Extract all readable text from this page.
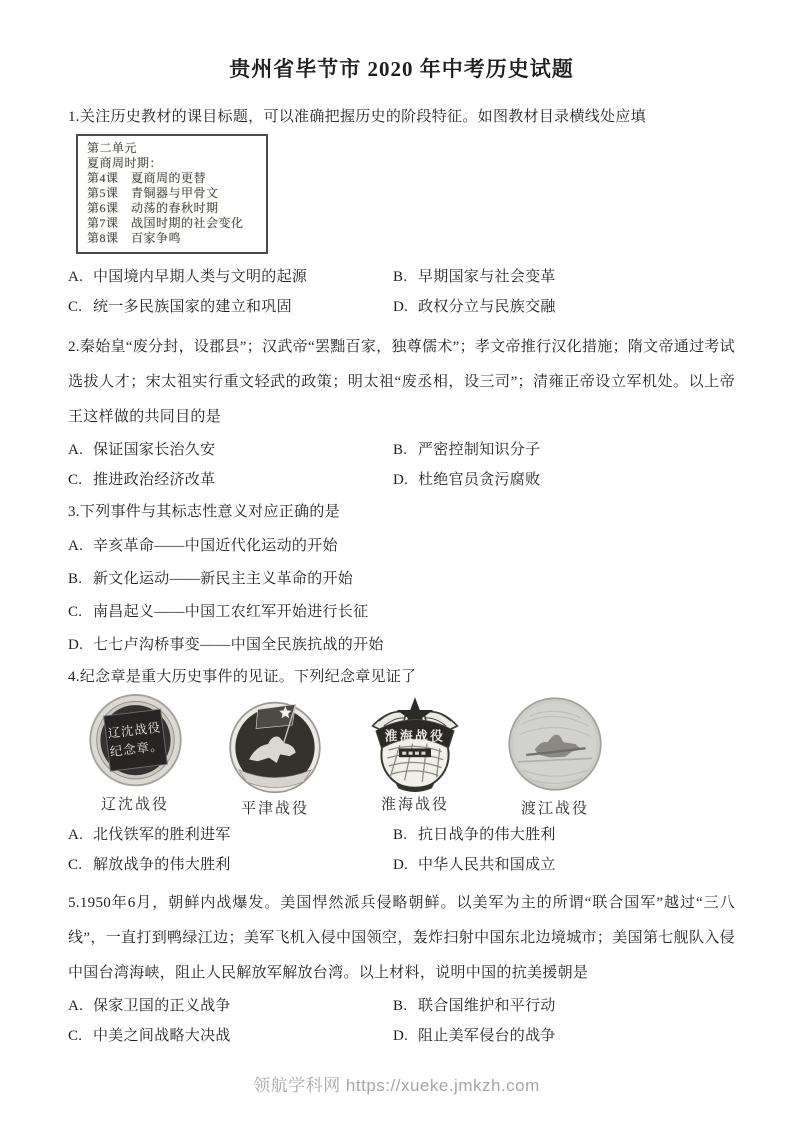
贵州省毕节市 2020 年中考历史试题

1.关注历史教材的课目标题，可以准确把握历史的阶段特征。如图教材目录横线处应填

第二单元
夏商周时期：
第4课　夏商周的更替
第5课　青铜器与甲骨文
第6课　动荡的春秋时期
第7课　战国时期的社会变化
第8课　百家争鸣
A. 中国境内早期人类与文明的起源	B. 早期国家与社会变革
C. 统一多民族国家的建立和巩固	D. 政权分立与民族交融

2.秦始皇“废分封，设郡县”；汉武帝“罢黜百家，独尊儒术”；孝文帝推行汉化措施；隋文帝通过考试选拔人才；宋太祖实行重文轻武的政策；明太祖“废丞相，设三司”；清雍正帝设立军机处。以上帝王这样做的共同目的是

A. 保证国家长治久安	B. 严密控制知识分子
C. 推进政治经济改革	D. 杜绝官员贪污腐败

3.下列事件与其标志性意义对应正确的是

A. 辛亥革命——中国近代化运动的开始
B. 新文化运动——新民主主义革命的开始
C. 南昌起义——中国工农红军开始进行长征
D. 七七卢沟桥事变——中国全民族抗战的开始

4.纪念章是重大历史事件的见证。下列纪念章见证了

辽沈战役
纪念章。
辽沈战役	平津战役
淮海战役
淮海战役	渡江战役
A. 北伐铁军的胜利进军	B. 抗日战争的伟大胜利
C. 解放战争的伟大胜利	D. 中华人民共和国成立

5.1950年6月，朝鲜内战爆发。美国悍然派兵侵略朝鲜。以美军为主的所谓“联合国军”越过“三八线”，一直打到鸭绿江边；美军飞机入侵中国领空，轰炸扫射中国东北边境城市；美国第七舰队入侵中国台湾海峡，阻止人民解放军解放台湾。以上材料，说明中国的抗美援朝是

A. 保家卫国的正义战争	B. 联合国维护和平行动
C. 中美之间战略大决战	D. 阻止美军侵台的战争
领航学科网 https://xueke.jmkzh.com
